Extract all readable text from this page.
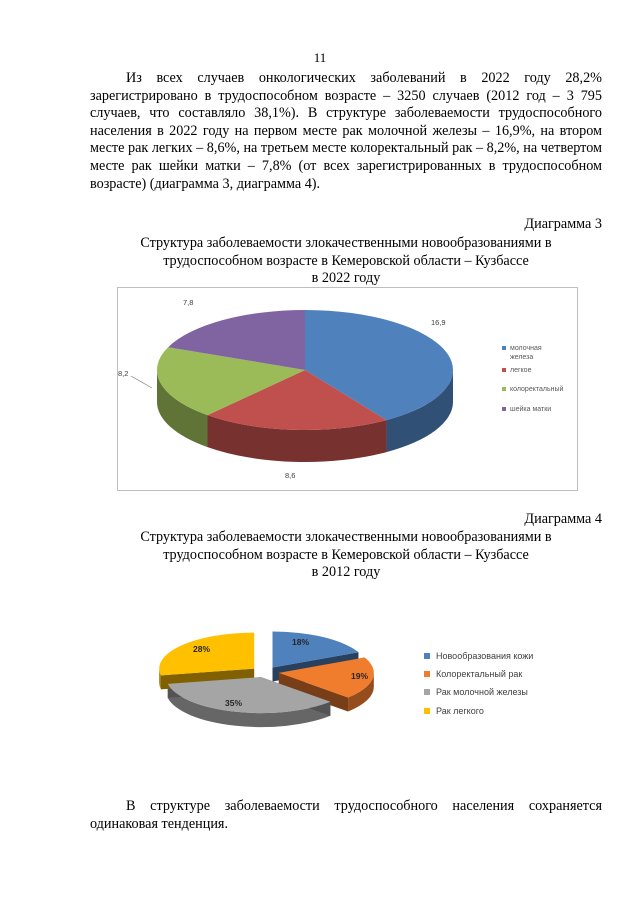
11

Из всех случаев онкологических заболеваний в 2022 году 28,2% зарегистрировано в трудоспособном возрасте – 3250 случаев (2012 год – 3 795 случаев, что составляло 38,1%). В структуре заболеваемости трудоспособного населения в 2022 году на первом месте рак молочной железы – 16,9%, на втором месте рак легких – 8,6%, на третьем месте колоректальный рак – 8,2%, на четвертом месте рак шейки матки – 7,8% (от всех зарегистрированных в трудоспособном возрасте) (диаграмма 3, диаграмма 4).

Диаграмма 3
Структура заболеваемости злокачественными новообразованиями в
трудоспособном возрасте в Кемеровской области – Кузбассе
в 2022 году
16,9
8,6
8,2
7,8
молочная
железа
легкое
колоректальный
шейка матки
Диаграмма 4
Структура заболеваемости злокачественными новообразованиями в
трудоспособном возрасте в Кемеровской области – Кузбассе
в 2012 году
18%
19%
35%
28%
Новообразования кожи
Колоректальный рак
Рак молочной железы
Рак легкого

В структуре заболеваемости трудоспособного населения сохраняется одинаковая тенденция.
